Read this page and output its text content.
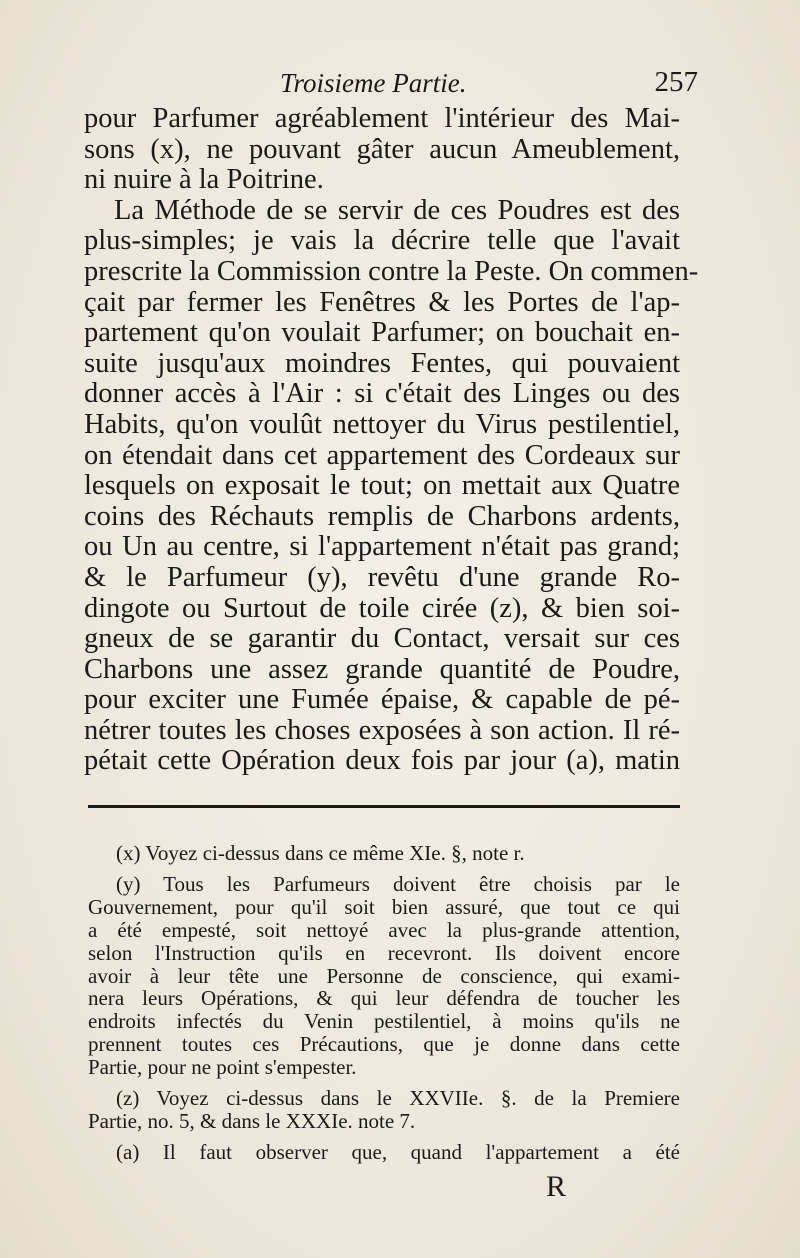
Troisieme Partie.	257
pour Parfumer agréablement l'intérieur des Mai-
sons (x), ne pouvant gâter aucun Ameublement,
ni nuire à la Poitrine.
La Méthode de se servir de ces Poudres est des
plus-simples; je vais la décrire telle que l'avait
prescrite la Commission contre la Peste. On commen-
çait par fermer les Fenêtres & les Portes de l'ap-
partement qu'on voulait Parfumer; on bouchait en-
suite jusqu'aux moindres Fentes, qui pouvaient
donner accès à l'Air : si c'était des Linges ou des
Habits, qu'on voulût nettoyer du Virus pestilentiel,
on étendait dans cet appartement des Cordeaux sur
lesquels on exposait le tout; on mettait aux Quatre
coins des Réchauts remplis de Charbons ardents,
ou Un au centre, si l'appartement n'était pas grand;
& le Parfumeur (y), revêtu d'une grande Ro-
dingote ou Surtout de toile cirée (z), & bien soi-
gneux de se garantir du Contact, versait sur ces
Charbons une assez grande quantité de Poudre,
pour exciter une Fumée épaise, & capable de pé-
nétrer toutes les choses exposées à son action. Il ré-
pétait cette Opération deux fois par jour (a), matin
(x) Voyez ci-dessus dans ce même XIe. §, note r.
(y) Tous les Parfumeurs doivent être choisis par le
Gouvernement, pour qu'il soit bien assuré, que tout ce qui
a été empesté, soit nettoyé avec la plus-grande attention,
selon l'Instruction qu'ils en recevront. Ils doivent encore
avoir à leur tête une Personne de conscience, qui exami-
nera leurs Opérations, & qui leur défendra de toucher les
endroits infectés du Venin pestilentiel, à moins qu'ils ne
prennent toutes ces Précautions, que je donne dans cette
Partie, pour ne point s'empester.
(z) Voyez ci-dessus dans le XXVIIe. §. de la Premiere
Partie, no. 5, & dans le XXXIe. note 7.
(a) Il faut observer que, quand l'appartement a été
R
